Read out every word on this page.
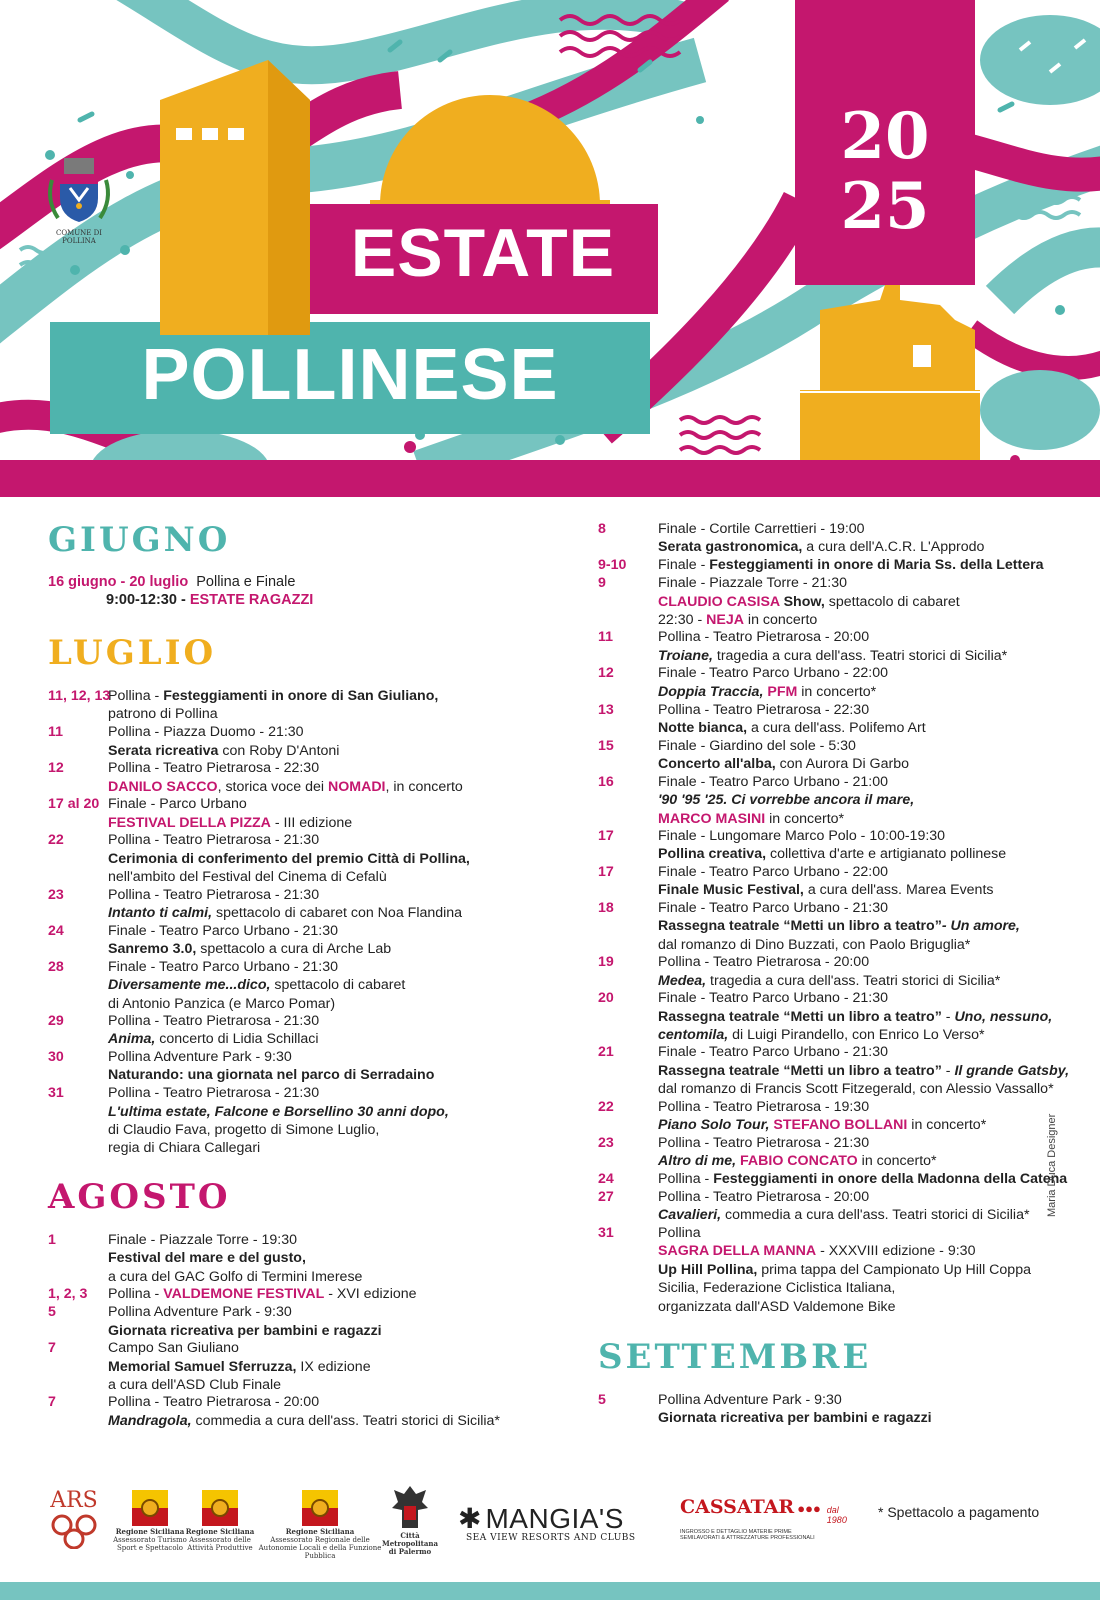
ESTATE
POLLINESE
20
25
COMUNE DI
POLLINA
GIUGNO
16 giugno - 20 luglio Pollina e Finale
9:00-12:30 - ESTATE RAGAZZI
LUGLIO
11, 12, 13
Pollina - Festeggiamenti in onore di San Giuliano,
patrono di Pollina
11	Pollina - Piazza Duomo - 21:30
Serata ricreativa con Roby D'Antoni
12	Pollina - Teatro Pietrarosa - 22:30
DANILO SACCO, storica voce dei NOMADI, in concerto
17 al 20 Finale - Parco Urbano
FESTIVAL DELLA PIZZA - III edizione
22	Pollina - Teatro Pietrarosa - 21:30
Cerimonia di conferimento del premio Città di Pollina,
nell'ambito del Festival del Cinema di Cefalù
23	Pollina - Teatro Pietrarosa - 21:30
Intanto ti calmi, spettacolo di cabaret con Noa Flandina
24	Finale - Teatro Parco Urbano - 21:30
Sanremo 3.0, spettacolo a cura di Arche Lab
28	Finale - Teatro Parco Urbano - 21:30
Diversamente me...dico, spettacolo di cabaret
di Antonio Panzica (e Marco Pomar)
29	Pollina - Teatro Pietrarosa - 21:30
Anima, concerto di Lidia Schillaci
30	Pollina Adventure Park - 9:30
Naturando: una giornata nel parco di Serradaino
31	Pollina - Teatro Pietrarosa - 21:30
L'ultima estate, Falcone e Borsellino 30 anni dopo,
di Claudio Fava, progetto di Simone Luglio,
regia di Chiara Callegari
AGOSTO
1	Finale - Piazzale Torre - 19:30
Festival del mare e del gusto,
a cura del GAC Golfo di Termini Imerese
1, 2, 3 Pollina - VALDEMONE FESTIVAL - XVI edizione
5	Pollina Adventure Park - 9:30
Giornata ricreativa per bambini e ragazzi
7	Campo San Giuliano
Memorial Samuel Sferruzza, IX edizione
a cura dell'ASD Club Finale
7	Pollina - Teatro Pietrarosa - 20:00
Mandragola, commedia a cura dell'ass. Teatri storici di Sicilia*
8	Finale - Cortile Carrettieri - 19:00
Serata gastronomica, a cura dell'A.C.R. L'Approdo
9-10 Finale - Festeggiamenti in onore di Maria Ss. della Lettera
9	Finale - Piazzale Torre - 21:30
CLAUDIO CASISA Show, spettacolo di cabaret
22:30 - NEJA in concerto
11	Pollina - Teatro Pietrarosa - 20:00
Troiane, tragedia a cura dell'ass. Teatri storici di Sicilia*
12	Finale - Teatro Parco Urbano - 22:00
Doppia Traccia, PFM in concerto*
13	Pollina - Teatro Pietrarosa - 22:30
Notte bianca, a cura dell'ass. Polifemo Art
15	Finale - Giardino del sole - 5:30
Concerto all'alba, con Aurora Di Garbo
16	Finale - Teatro Parco Urbano - 21:00
'90 '95 '25. Ci vorrebbe ancora il mare,
MARCO MASINI in concerto*
17	Finale - Lungomare Marco Polo - 10:00-19:30
Pollina creativa, collettiva d'arte e artigianato pollinese
17	Finale - Teatro Parco Urbano - 22:00
Finale Music Festival, a cura dell'ass. Marea Events
18	Finale - Teatro Parco Urbano - 21:30
Rassegna teatrale “Metti un libro a teatro”- Un amore,
dal romanzo di Dino Buzzati, con Paolo Briguglia*
19	Pollina - Teatro Pietrarosa - 20:00
Medea, tragedia a cura dell'ass. Teatri storici di Sicilia*
20	Finale - Teatro Parco Urbano - 21:30
Rassegna teatrale “Metti un libro a teatro” - Uno, nessuno,
centomila, di Luigi Pirandello, con Enrico Lo Verso*
21	Finale - Teatro Parco Urbano - 21:30
Rassegna teatrale “Metti un libro a teatro” - Il grande Gatsby,
dal romanzo di Francis Scott Fitzegerald, con Alessio Vassallo*
22	Pollina - Teatro Pietrarosa - 19:30
Piano Solo Tour, STEFANO BOLLANI in concerto*
23	Pollina - Teatro Pietrarosa - 21:30
Altro di me, FABIO CONCATO in concerto*
24	Pollina - Festeggiamenti in onore della Madonna della Catena
27	Pollina - Teatro Pietrarosa - 20:00
Cavalieri, commedia a cura dell'ass. Teatri storici di Sicilia*
31	Pollina
SAGRA DELLA MANNA - XXXVIII edizione - 9:30
Up Hill Pollina, prima tappa del Campionato Up Hill Coppa
Sicilia, Federazione Ciclistica Italiana,
organizzata dall'ASD Valdemone Bike
SETTEMBRE
5	Pollina Adventure Park - 9:30
Giornata ricreativa per bambini e ragazzi
Maria Duca Designer
ARS
Regione Siciliana
Assessorato Turismo
Sport e Spettacolo
Regione Siciliana
Assessorato delle
Attività Produttive
Regione Siciliana
Assessorato Regionale delle
Autonomie Locali e della Funzione Pubblica
Città Metropolitana
di Palermo
✱ MANGIA'S
SEA VIEW RESORTS AND CLUBS
CASSATAR ●●● dal 1980
INGROSSO E DETTAGLIO MATERIE PRIME
SEMILAVORATI & ATTREZZATURE PROFESSIONALI
* Spettacolo a pagamento
